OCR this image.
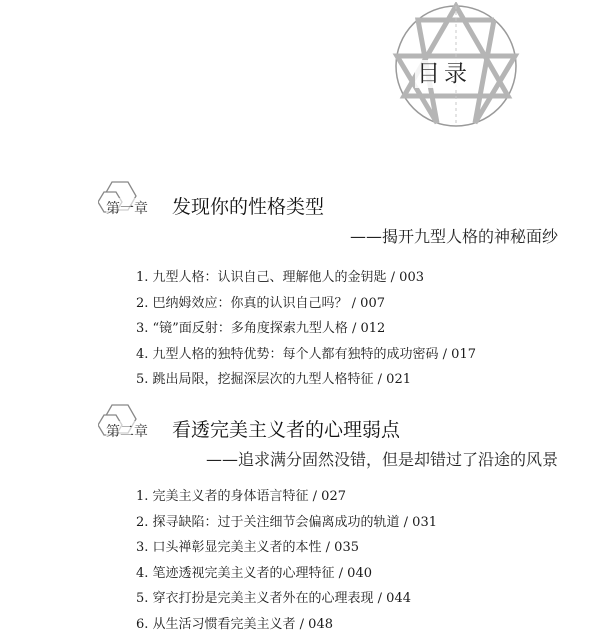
目录
第一章 发现你的性格类型
——揭开九型人格的神秘面纱
1. 九型人格：认识自己、理解他人的金钥匙 / 003
2. 巴纳姆效应：你真的认识自己吗？ / 007
3. “镜”面反射：多角度探索九型人格 / 012
4. 九型人格的独特优势：每个人都有独特的成功密码 / 017
5. 跳出局限，挖掘深层次的九型人格特征 / 021
第二章 看透完美主义者的心理弱点
——追求满分固然没错，但是却错过了沿途的风景
1. 完美主义者的身体语言特征 / 027
2. 探寻缺陷：过于关注细节会偏离成功的轨道 / 031
3. 口头禅彰显完美主义者的本性 / 035
4. 笔迹透视完美主义者的心理特征 / 040
5. 穿衣打扮是完美主义者外在的心理表现 / 044
6. 从生活习惯看完美主义者 / 048
